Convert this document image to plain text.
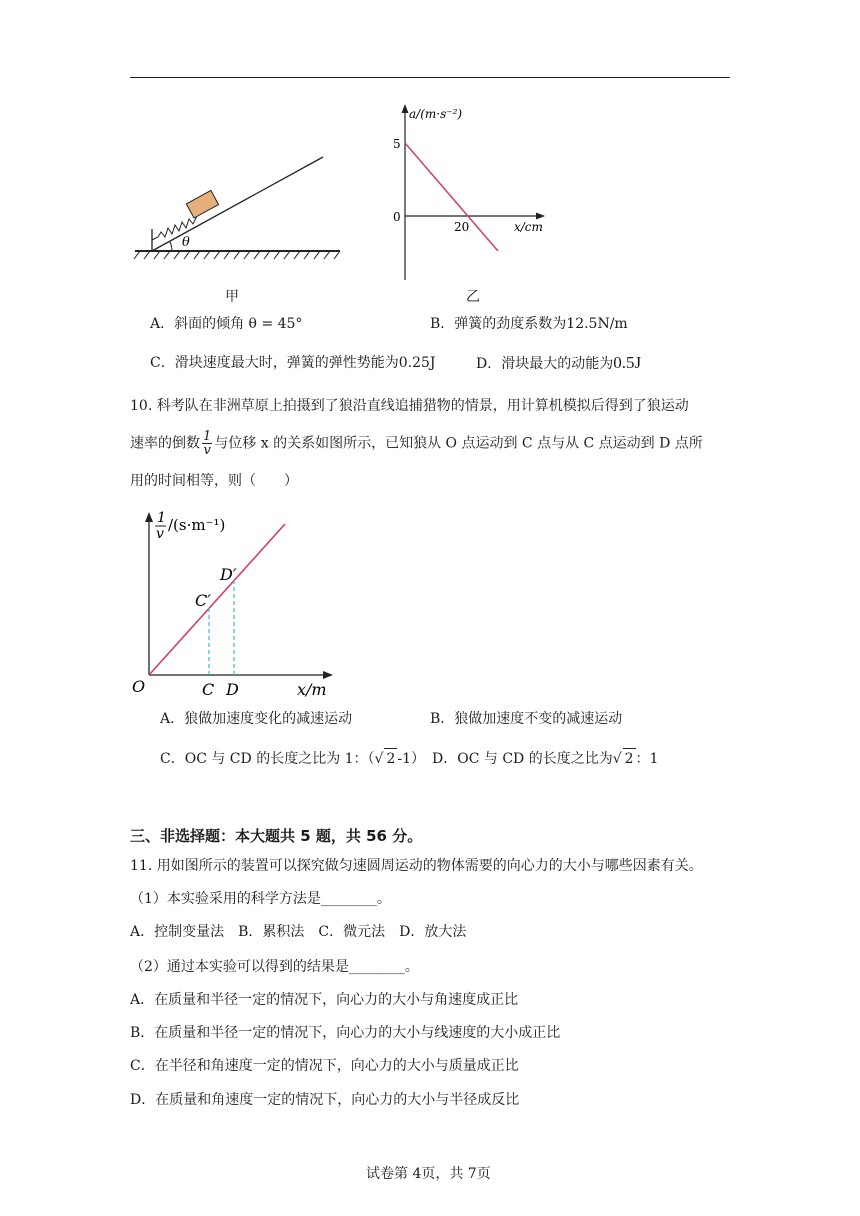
θ
甲
a/(m·s⁻²)
5
0
20	x/cm
乙
A．斜面的倾角 θ = 45°	B．弹簧的劲度系数为12.5N/m
C．滑块速度最大时，弹簧的弹性势能为0.25J	D．滑块最大的动能为0.5J
10. 科考队在非洲草原上拍摄到了狼沿直线追捕猎物的情景，用计算机模拟后得到了狼运动
速率的倒数 $\frac{1}{v}$ 与位移 x 的关系如图所示，已知狼从 O 点运动到 C 点与从 C 点运动到 D 点所
用的时间相等，则（　　）
1
v /(s·m⁻¹)
O	C D	x/m
C′
D′
A．狼做加速度变化的减速运动	B．狼做加速度不变的减速运动
C．OC 与 CD 的长度之比为 1：（√ 2 -1） D．OC 与 CD 的长度之比为√ 2 ：1
三、非选择题：本大题共 5 题，共 56 分。
11. 用如图所示的装置可以探究做匀速圆周运动的物体需要的向心力的大小与哪些因素有关。
（1）本实验采用的科学方法是________。
A．控制变量法　B．累积法　C．微元法　D．放大法
（2）通过本实验可以得到的结果是________。
A．在质量和半径一定的情况下，向心力的大小与角速度成正比
B．在质量和半径一定的情况下，向心力的大小与线速度的大小成正比
C．在半径和角速度一定的情况下，向心力的大小与质量成正比
D．在质量和角速度一定的情况下，向心力的大小与半径成反比
试卷第 4页，共 7页
